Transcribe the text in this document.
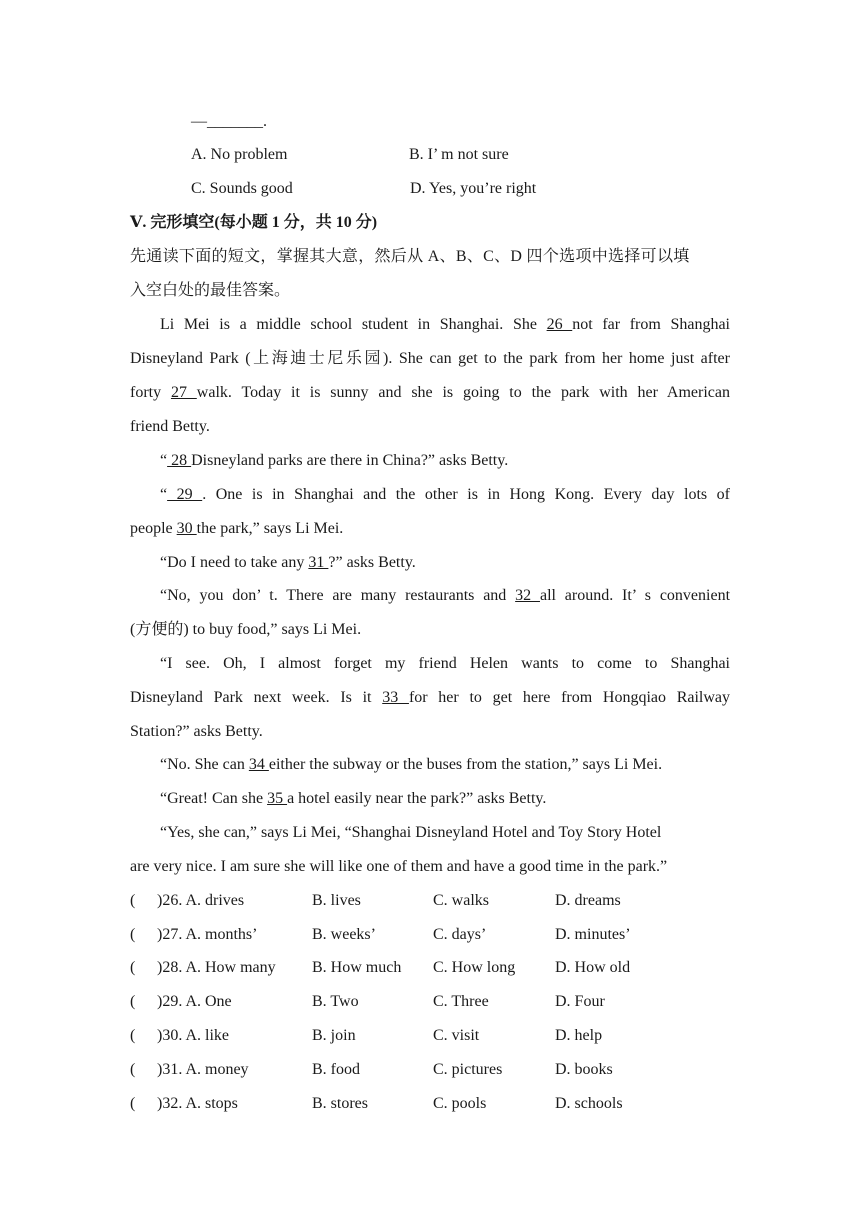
—_______.
A. No problem	B. I’ m not sure
C. Sounds good	D. Yes, you’re right
Ⅴ. 完形填空(每小题 1 分，共 10 分)
先通读下面的短文，掌握其大意，然后从 A、B、C、D 四个选项中选择可以填
入空白处的最佳答案。
Li Mei is a middle school student in Shanghai. She 26 not far from Shanghai
Disneyland Park (上海迪士尼乐园). She can get to the park from her home just after
forty 27 walk. Today it is sunny and she is going to the park with her American
friend Betty.
“ 28 Disneyland parks are there in China?” asks Betty.
“ 29 . One is in Shanghai and the other is in Hong Kong. Every day lots of
people 30 the park,” says Li Mei.
“Do I need to take any 31 ?” asks Betty.
“No, you don’ t. There are many restaurants and 32 all around. It’ s convenient
(方便的) to buy food,” says Li Mei.
“I see. Oh, I almost forget my friend Helen wants to come to Shanghai
Disneyland Park next week. Is it 33 for her to get here from Hongqiao Railway
Station?” asks Betty.
“No. She can 34 either the subway or the buses from the station,” says Li Mei.
“Great! Can she 35 a hotel easily near the park?” asks Betty.
“Yes, she can,” says Li Mei, “Shanghai Disneyland Hotel and Toy Story Hotel
are very nice. I am sure she will like one of them and have a good time in the park.”
( )26. A. drives	B. lives	C. walks	D. dreams
( )27. A. months’	B. weeks’	C. days’	D. minutes’
( )28. A. How many B. How much C. How long D. How old
( )29. A. One	B. Two	C. Three	D. Four
( )30. A. like	B. join	C. visit	D. help
( )31. A. money	B. food	C. pictures	D. books
( )32. A. stops	B. stores	C. pools	D. schools
